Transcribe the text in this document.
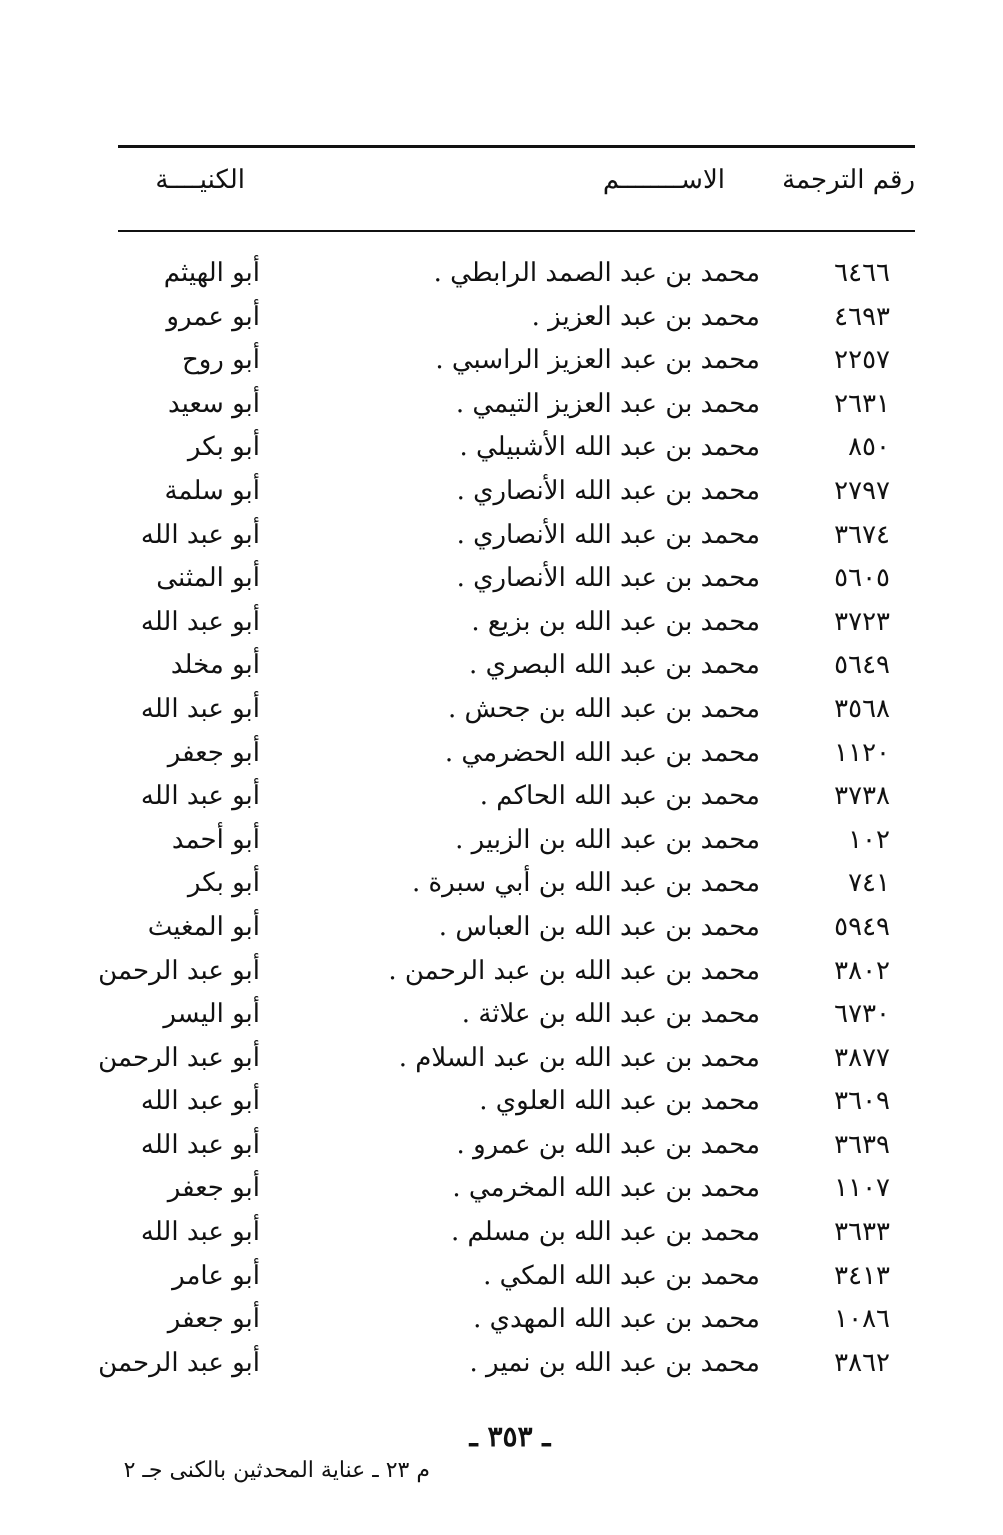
رقم الترجمة
الاســــــــم
الكنيــــة
٦٤٦٦
محمد بن عبد الصمد الرابطي .
أبو الهيثم
٤٦٩٣
محمد بن عبد العزيز .
أبو عمرو
٢٢٥٧
محمد بن عبد العزيز الراسبي .
أبو روح
٢٦٣١
محمد بن عبد العزيز التيمي .
أبو سعيد
٨٥٠
محمد بن عبد الله الأشبيلي .
أبو بكر
٢٧٩٧
محمد بن عبد الله الأنصاري .
أبو سلمة
٣٦٧٤
محمد بن عبد الله الأنصاري .
أبو عبد الله
٥٦٠٥
محمد بن عبد الله الأنصاري .
أبو المثنى
٣٧٢٣
محمد بن عبد الله بن بزيع .
أبو عبد الله
٥٦٤٩
محمد بن عبد الله البصري .
أبو مخلد
٣٥٦٨
محمد بن عبد الله بن جحش .
أبو عبد الله
١١٢٠
محمد بن عبد الله الحضرمي .
أبو جعفر
٣٧٣٨
محمد بن عبد الله الحاكم .
أبو عبد الله
١٠٢
محمد بن عبد الله بن الزبير .
أبو أحمد
٧٤١
محمد بن عبد الله بن أبي سبرة .
أبو بكر
٥٩٤٩
محمد بن عبد الله بن العباس .
أبو المغيث
٣٨٠٢
محمد بن عبد الله بن عبد الرحمن .
أبو عبد الرحمن
٦٧٣٠
محمد بن عبد الله بن علاثة .
أبو اليسر
٣٨٧٧
محمد بن عبد الله بن عبد السلام .
أبو عبد الرحمن
٣٦٠٩
محمد بن عبد الله العلوي .
أبو عبد الله
٣٦٣٩
محمد بن عبد الله بن عمرو .
أبو عبد الله
١١٠٧
محمد بن عبد الله المخرمي .
أبو جعفر
٣٦٣٣
محمد بن عبد الله بن مسلم .
أبو عبد الله
٣٤١٣
محمد بن عبد الله المكي .
أبو عامر
١٠٨٦
محمد بن عبد الله المهدي .
أبو جعفر
٣٨٦٢
محمد بن عبد الله بن نمير .
أبو عبد الرحمن
ـ ٣٥٣ ـ
م ٢٣ ـ عناية المحدثين بالكنى جـ ٢
